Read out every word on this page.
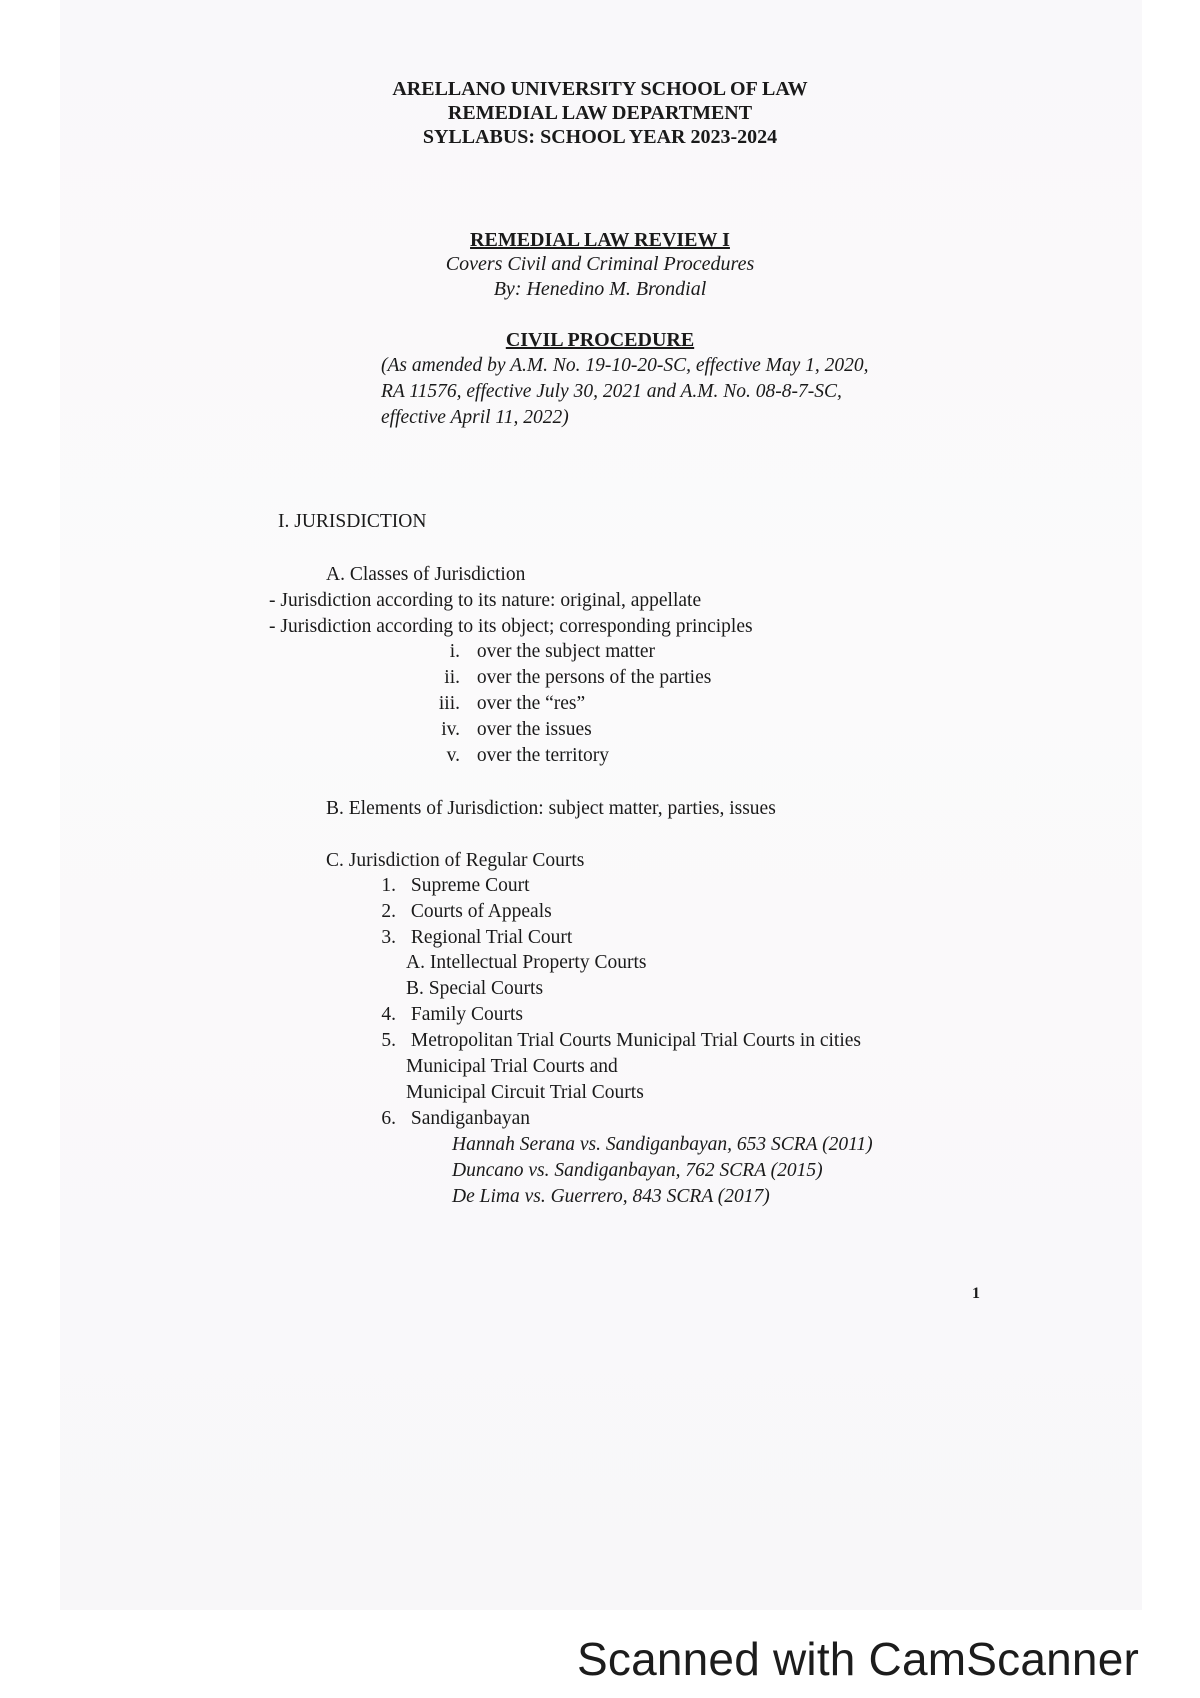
ARELLANO UNIVERSITY SCHOOL OF LAW
REMEDIAL LAW DEPARTMENT
SYLLABUS: SCHOOL YEAR 2023-2024
REMEDIAL LAW REVIEW I
Covers Civil and Criminal Procedures
By: Henedino M. Brondial
CIVIL PROCEDURE
(As amended by A.M. No. 19-10-20-SC, effective May 1, 2020,
RA 11576, effective July 30, 2021 and A.M. No. 08-8-7-SC,
effective April 11, 2022)
I. JURISDICTION
A. Classes of Jurisdiction
- Jurisdiction according to its nature: original, appellate
- Jurisdiction according to its object; corresponding principles
i. over the subject matter
ii. over the persons of the parties
iii. over the “res”
iv. over the issues
v. over the territory
B. Elements of Jurisdiction: subject matter, parties, issues
C. Jurisdiction of Regular Courts
1. Supreme Court
2. Courts of Appeals
3. Regional Trial Court
A. Intellectual Property Courts
B. Special Courts
4. Family Courts
5. Metropolitan Trial Courts Municipal Trial Courts in cities
Municipal Trial Courts and
Municipal Circuit Trial Courts
6. Sandiganbayan
Hannah Serana vs. Sandiganbayan, 653 SCRA (2011)
Duncano vs. Sandiganbayan, 762 SCRA (2015)
De Lima vs. Guerrero, 843 SCRA (2017)
1
Scanned with CamScanner
